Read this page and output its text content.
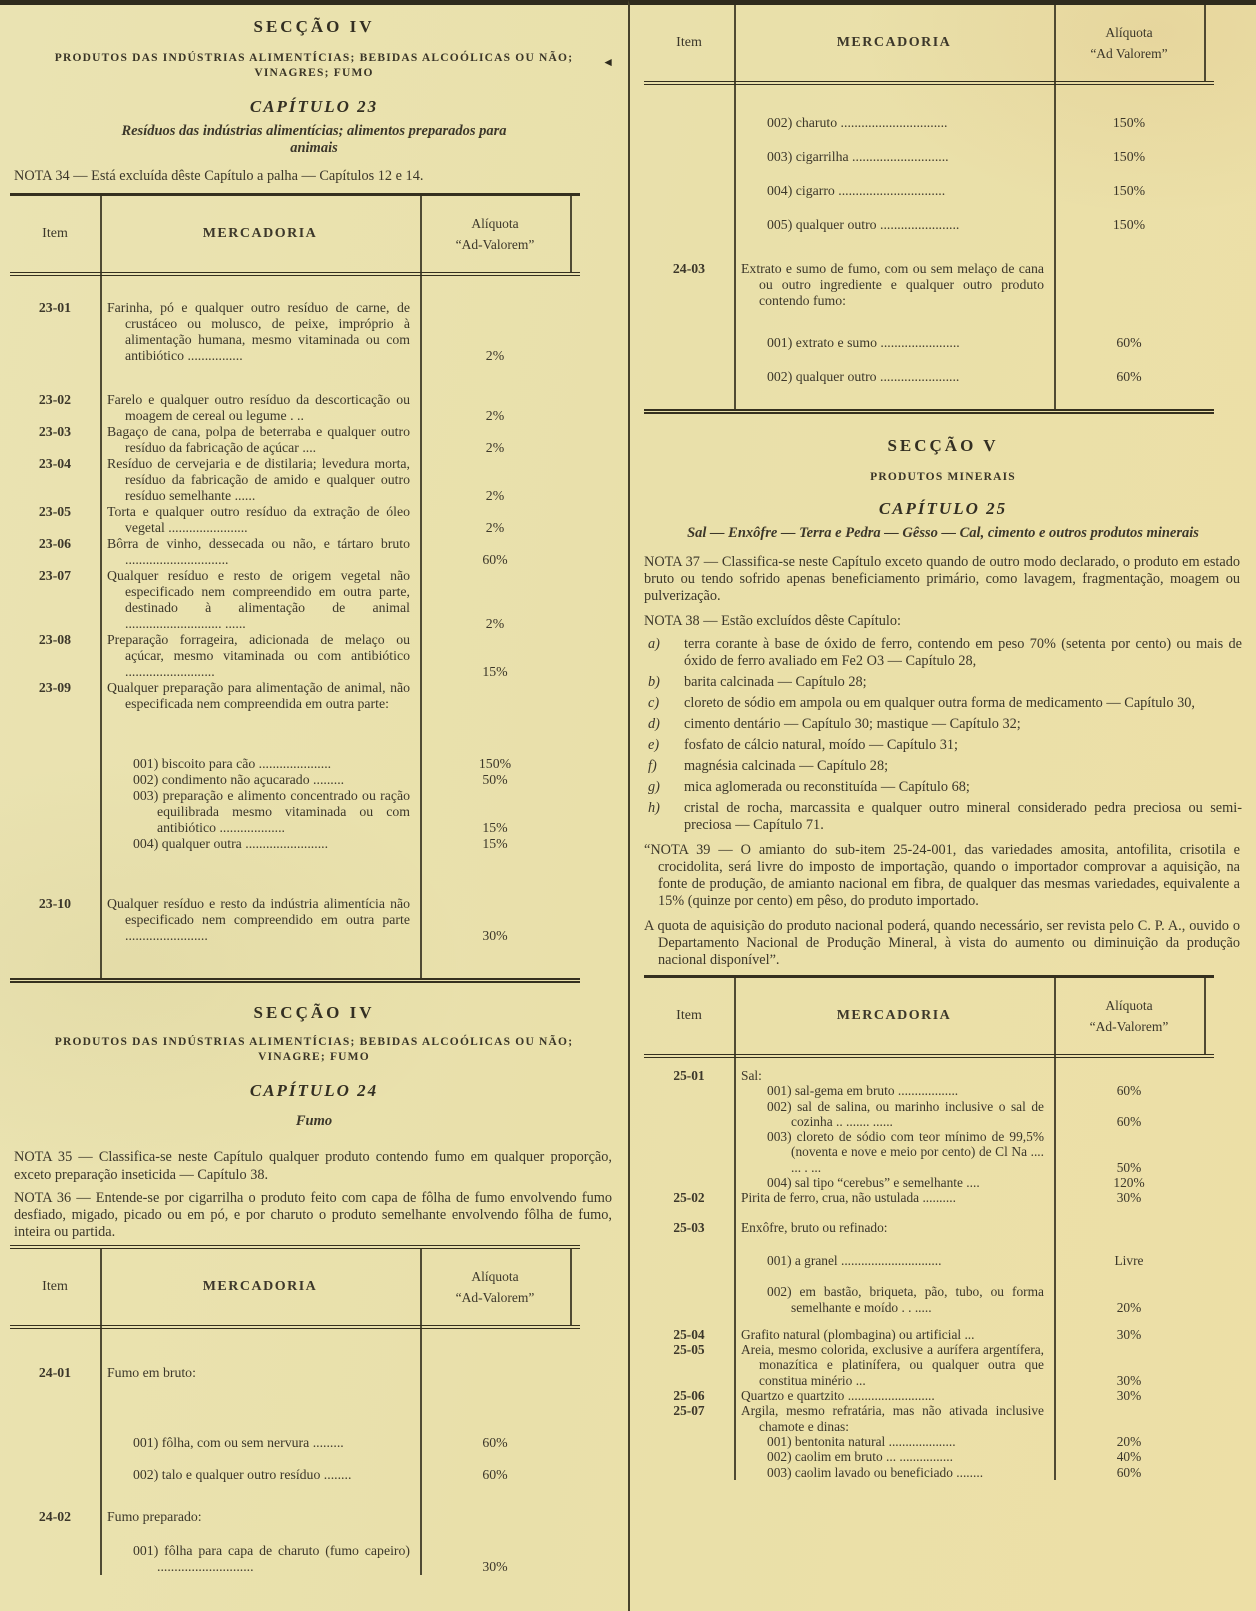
SECÇÃO IV
PRODUTOS DAS INDÚSTRIAS ALIMENTÍCIAS; BEBIDAS ALCOÓLICAS OU NÃO;
VINAGRES; FUMO
◄
CAPÍTULO 23
Resíduos das indústrias alimentícias; alimentos preparados para animais
NOTA 34 — Está excluída dêste Capítulo a palha — Capítulos 12 e 14.
Item	MERCADORIA
Alíquota
“Ad-Valorem”
23-01	Farinha, pó e qualquer outro resíduo de carne, de crustáceo ou molusco, de peixe, impróprio à alimentação humana, mesmo vitaminada ou com antibiótico ................	2%
23-02	Farelo e qualquer outro resíduo da descorticação ou moagem de cereal ou legume . ..	2%
23-03	Bagaço de cana, polpa de beterraba e qualquer outro resíduo da fabricação de açúcar ....	2%
23-04	Resíduo de cervejaria e de distilaria; levedura morta, resíduo da fabricação de amido e qualquer outro resíduo semelhante ......	2%
23-05	Torta e qualquer outro resíduo da extração de óleo vegetal .......................	2%
23-06	Bôrra de vinho, dessecada ou não, e tártaro bruto ..............................	60%
23-07	Qualquer resíduo e resto de origem vegetal não especificado nem compreendido em outra parte, destinado à alimentação de animal ............................ ......	2%
23-08	Preparação forrageira, adicionada de melaço ou açúcar, mesmo vitaminada ou com antibiótico ..........................	15%
23-09	Qualquer preparação para alimentação de animal, não especificada nem compreendida em outra parte:
001) biscoito para cão .....................	150%
002) condimento não açucarado .........	50%
003) preparação e alimento concentrado ou ração equilibrada mesmo vitaminada ou com antibiótico ...................	15%
004) qualquer outra ........................	15%
23-10	Qualquer resíduo e resto da indústria alimentícia não especificado nem compreendido em outra parte ........................	30%
SECÇÃO IV
PRODUTOS DAS INDÚSTRIAS ALIMENTÍCIAS; BEBIDAS ALCOÓLICAS OU NÃO;
VINAGRE; FUMO
CAPÍTULO 24
Fumo
NOTA 35 — Classifica-se neste Capítulo qualquer produto contendo fumo em qualquer proporção, exceto preparação inseticida — Capítulo 38.
NOTA 36 — Entende-se por cigarrilha o produto feito com capa de fôlha de fumo envolvendo fumo desfiado, migado, picado ou em pó, e por charuto o produto semelhante envolvendo fôlha de fumo, inteira ou partida.
Item	MERCADORIA
Alíquota
“Ad-Valorem”
24-01	Fumo em bruto:
001) fôlha, com ou sem nervura .........	60%
002) talo e qualquer outro resíduo ........	60%
24-02	Fumo preparado:
001) fôlha para capa de charuto (fumo capeiro) ............................	30%
Item	MERCADORIA
Alíquota
“Ad Valorem”
002) charuto ...............................	150%
003) cigarrilha ............................	150%
004) cigarro ...............................	150%
005) qualquer outro .......................	150%
24-03	Extrato e sumo de fumo, com ou sem melaço de cana ou outro ingrediente e qualquer outro produto contendo fumo:
001) extrato e sumo .......................	60%
002) qualquer outro .......................	60%
SECÇÃO V
PRODUTOS MINERAIS
CAPÍTULO 25
Sal — Enxôfre — Terra e Pedra — Gêsso — Cal, cimento e outros produtos minerais
NOTA 37 — Classifica-se neste Capítulo exceto quando de outro modo declarado, o produto em estado bruto ou tendo sofrido apenas beneficiamento primário, como lavagem, fragmentação, moagem ou pulverização.
NOTA 38 — Estão excluídos dêste Capítulo:
a)	terra corante à base de óxido de ferro, contendo em peso 70% (setenta por cento) ou mais de óxido de ferro avaliado em Fe2 O3 — Capítulo 28,
b)	barita calcinada — Capítulo 28;
c)	cloreto de sódio em ampola ou em qualquer outra forma de medicamento — Capítulo 30,
d)	cimento dentário — Capítulo 30; mastique — Capítulo 32;
e)	fosfato de cálcio natural, moído — Capítulo 31;
f)	magnésia calcinada — Capítulo 28;
g)	mica aglomerada ou reconstituída — Capítulo 68;
h)	cristal de rocha, marcassita e qualquer outro mineral considerado pedra preciosa ou semi-preciosa — Capítulo 71.
“NOTA 39 — O amianto do sub-item 25-24-001, das variedades amosita, antofilita, crisotila e crocidolita, será livre do imposto de importação, quando o importador comprovar a aquisição, na fonte de produção, de amianto nacional em fibra, de qualquer das mesmas variedades, equivalente a 15% (quinze por cento) em pêso, do produto importado.
A quota de aquisição do produto nacional poderá, quando necessário, ser revista pelo C. P. A., ouvido o Departamento Nacional de Produção Mineral, à vista do aumento ou diminuição da produção nacional disponível”.
Item	MERCADORIA
Alíquota
“Ad-Valorem”
25-01	Sal:
001) sal-gema em bruto ..................	60%
002) sal de salina, ou marinho inclusive o sal de cozinha .. ....... ......	60%
003) cloreto de sódio com teor mínimo de 99,5% (noventa e nove e meio por cento) de Cl Na .... ... . ...	50%
004) sal tipo “cerebus” e semelhante ....	120%
25-02	Pirita de ferro, crua, não ustulada ..........	30%
25-03	Enxôfre, bruto ou refinado:
001) a granel ..............................	Livre
002) em bastão, briqueta, pão, tubo, ou forma semelhante e moído . . .....	20%
25-04	Grafito natural (plombagina) ou artificial ...	30%
25-05	Areia, mesmo colorida, exclusive a aurífera argentífera, monazítica e platinífera, ou qualquer outra que constitua minério ...	30%
25-06	Quartzo e quartzito ..........................	30%
25-07	Argila, mesmo refratária, mas não ativada inclusive chamote e dinas:
001) bentonita natural ....................	20%
002) caolim em bruto ... ................	40%
003) caolim lavado ou beneficiado ........	60%
